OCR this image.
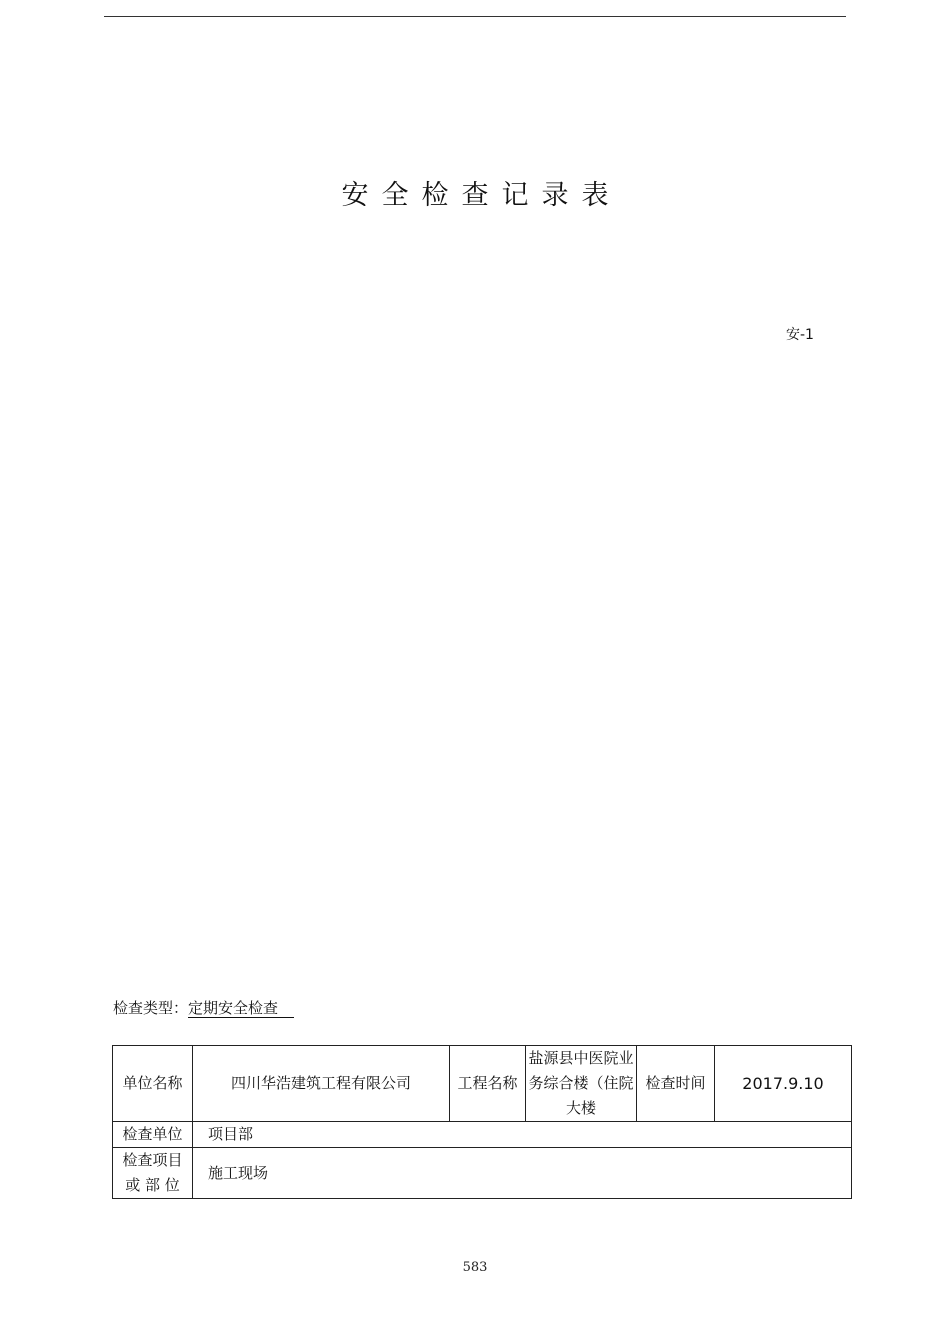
安全检查记录表
安-1
检查类型：定期安全检查
单位名称	四川华浩建筑工程有限公司	工程名称	盐源县中医院业务综合楼（住院大楼	检查时间	2017.9.10
检查单位	项目部				

检查项目
或 部 位	施工现场				
583
